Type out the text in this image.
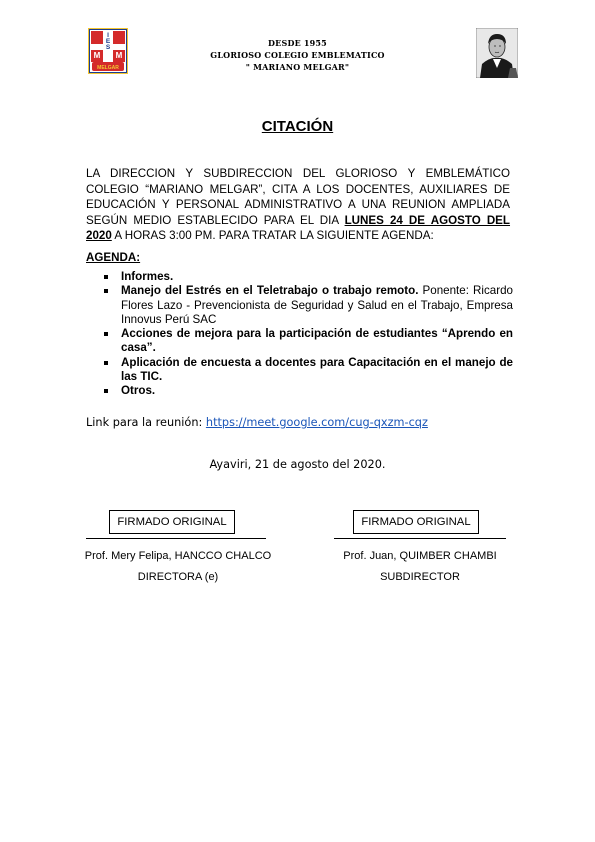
I
E
S
M M
MELGAR
DESDE 1955
GLORIOSO COLEGIO EMBLEMATICO
" MARIANO MELGAR"
CITACIÓN
LA DIRECCION Y SUBDIRECCION DEL GLORIOSO Y EMBLEMÁTICO COLEGIO “MARIANO MELGAR”, CITA A LOS DOCENTES, AUXILIARES DE EDUCACIÓN Y PERSONAL ADMINISTRATIVO A UNA REUNION AMPLIADA SEGÚN MEDIO ESTABLECIDO PARA EL DIA LUNES 24 DE AGOSTO DEL 2020 A HORAS 3:00 PM. PARA TRATAR LA SIGUIENTE AGENDA:
AGENDA:
Informes.
Manejo del Estrés en el Teletrabajo o trabajo remoto. Ponente: Ricardo Flores Lazo - Prevencionista de Seguridad y Salud en el Trabajo, Empresa Innovus Perú SAC
Acciones de mejora para la participación de estudiantes “Aprendo en casa”.
Aplicación de encuesta a docentes para Capacitación en el manejo de las TIC.
Otros.
Link para la reunión: https://meet.google.com/cug-qxzm-cqz
Ayaviri, 21 de agosto del 2020.
FIRMADO ORIGINAL
Prof. Mery Felipa, HANCCO CHALCO
DIRECTORA (e)
FIRMADO ORIGINAL
Prof. Juan, QUIMBER CHAMBI
SUBDIRECTOR
